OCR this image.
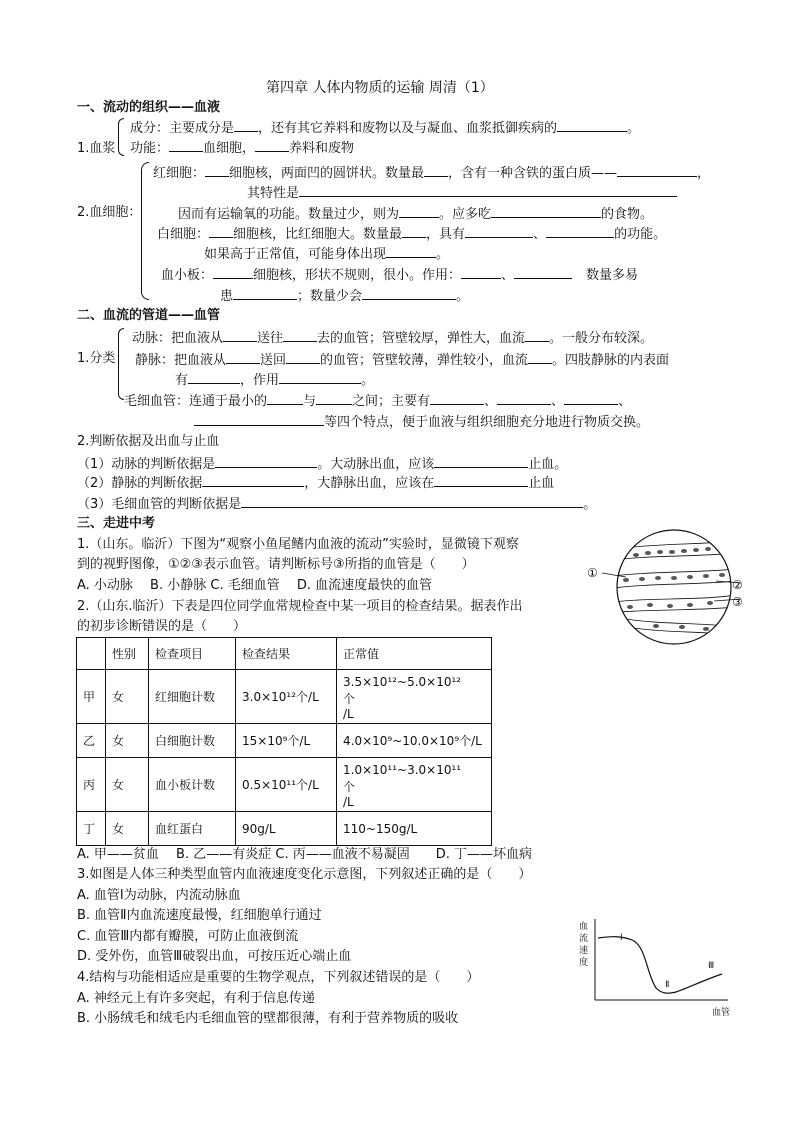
第四章 人体内物质的运输 周清（1）
一、流动的组织——血液
1.血浆
成分：主要成分是 ，还有其它养料和废物以及与凝血、血浆抵御疾病的	。
功能：	血细胞，	养料和废物
2.血细胞：
红细胞： 细胞核，两面凹的圆饼状。数量最 ，含有一种含铁的蛋白质——	，
其特性是
因而有运输氧的功能。数量过少，则为	。应多吃	的食物。
白细胞： 细胞核，比红细胞大。数量最 ，具有	、	的功能。
如果高于正常值，可能身体出现	。
血小板：	细胞核，形状不规则，很小。作用：	、	数量多易
患	；数量少会	。
二、血流的管道——血管
1.分类
动脉：把血液从	送往	去的血管；管壁较厚，弹性大，血流 。一般分布较深。
静脉：把血液从	送回	的血管；管壁较薄，弹性较小，血流 。四肢静脉的内表面
有	，作用	。
毛细血管：连通于最小的	与	之间；主要有	、	、	、
等四个特点，便于血液与组织细胞充分地进行物质交换。
2.判断依据及出血与止血
（1）动脉的判断依据是	。大动脉出血，应该	止血。
（2）静脉的判断依据	，大静脉出血，应该在	止血
（3）毛细血管的判断依据是	。
三、走进中考
1.（山东。临沂）下图为“观察小鱼尾鳍内血液的流动”实验时，显微镜下观察
到的视野图像，①②③表示血管。请判断标号③所指的血管是（　　）
A. 小动脉　 B. 小静脉 C. 毛细血管　 D. 血流速度最快的血管
2.（山东.临沂）下表是四位同学血常规检查中某一项目的检查结果。据表作出
的初步诊断错误的是（　　）
	性别	检查项目	检查结果	正常值
甲	女	红细胞计数	3.0×10¹²个/L	3.5×10¹²~5.0×10¹²　个
/L

乙	女	白细胞计数	15×10⁹个/L	4.0×10⁹~10.0×10⁹个/L

丙	女	血小板计数	0.5×10¹¹个/L	1.0×10¹¹~3.0×10¹¹　个
/L

丁	女	血红蛋白	90g/L	110~150g/L
A. 甲——贫血　 B. 乙——有炎症 C. 丙——血液不易凝固　　D. 丁——坏血病
3.如图是人体三种类型血管内血液速度变化示意图，下列叙述正确的是（　　）
A. 血管Ⅰ为动脉，内流动脉血
B. 血管Ⅱ内血流速度最慢，红细胞单行通过
C. 血管Ⅲ内都有瓣膜，可防止血液倒流
D. 受外伤，血管Ⅲ破裂出血，可按压近心端止血
4.结构与功能相适应是重要的生物学观点，下列叙述错误的是（　　）
A. 神经元上有许多突起，有利于信息传递
B. 小肠绒毛和绒毛内毛细血管的壁都很薄，有利于营养物质的吸收
①
②
③
血
流
速
度
Ⅰ
Ⅱ
Ⅲ
血管
